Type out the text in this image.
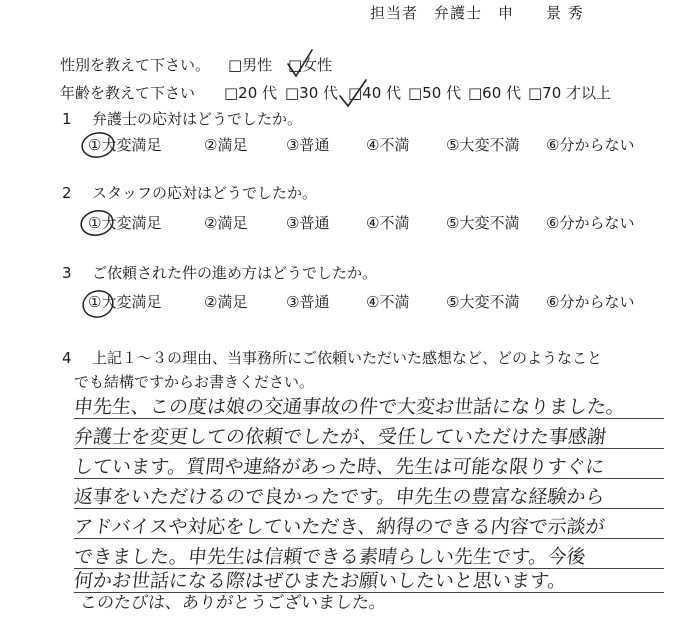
担当者　弁護士　申　　景 秀
性別を教えて下さい。 □男性 □女性
年齢を教えて下さい □20 代 □30 代 □40 代 □50 代 □60 代 □70 才以上
1 弁護士の応対はどうでしたか。
①大変満足	②満足	③普通 ④不満 ⑤大変不満 ⑥分からない
2 スタッフの応対はどうでしたか。
①大変満足	②満足	③普通 ④不満 ⑤大変不満 ⑥分からない
3 ご依頼された件の進め方はどうでしたか。
①大変満足	②満足	③普通 ④不満 ⑤大変不満 ⑥分からない
4 上記１～３の理由、当事務所にご依頼いただいた感想など、どのようなこと
でも結構ですからお書きください。
申先生、この度は娘の交通事故の件で大変お世話になりました。
弁護士を変更しての依頼でしたが、受任していただけた事感謝
しています。質問や連絡があった時、先生は可能な限りすぐに
返事をいただけるので良かったです。申先生の豊富な経験から
アドバイスや対応をしていただき、納得のできる内容で示談が
できました。申先生は信頼できる素晴らしい先生です。今後
何かお世話になる際はぜひまたお願いしたいと思います。
このたびは、ありがとうございました。
